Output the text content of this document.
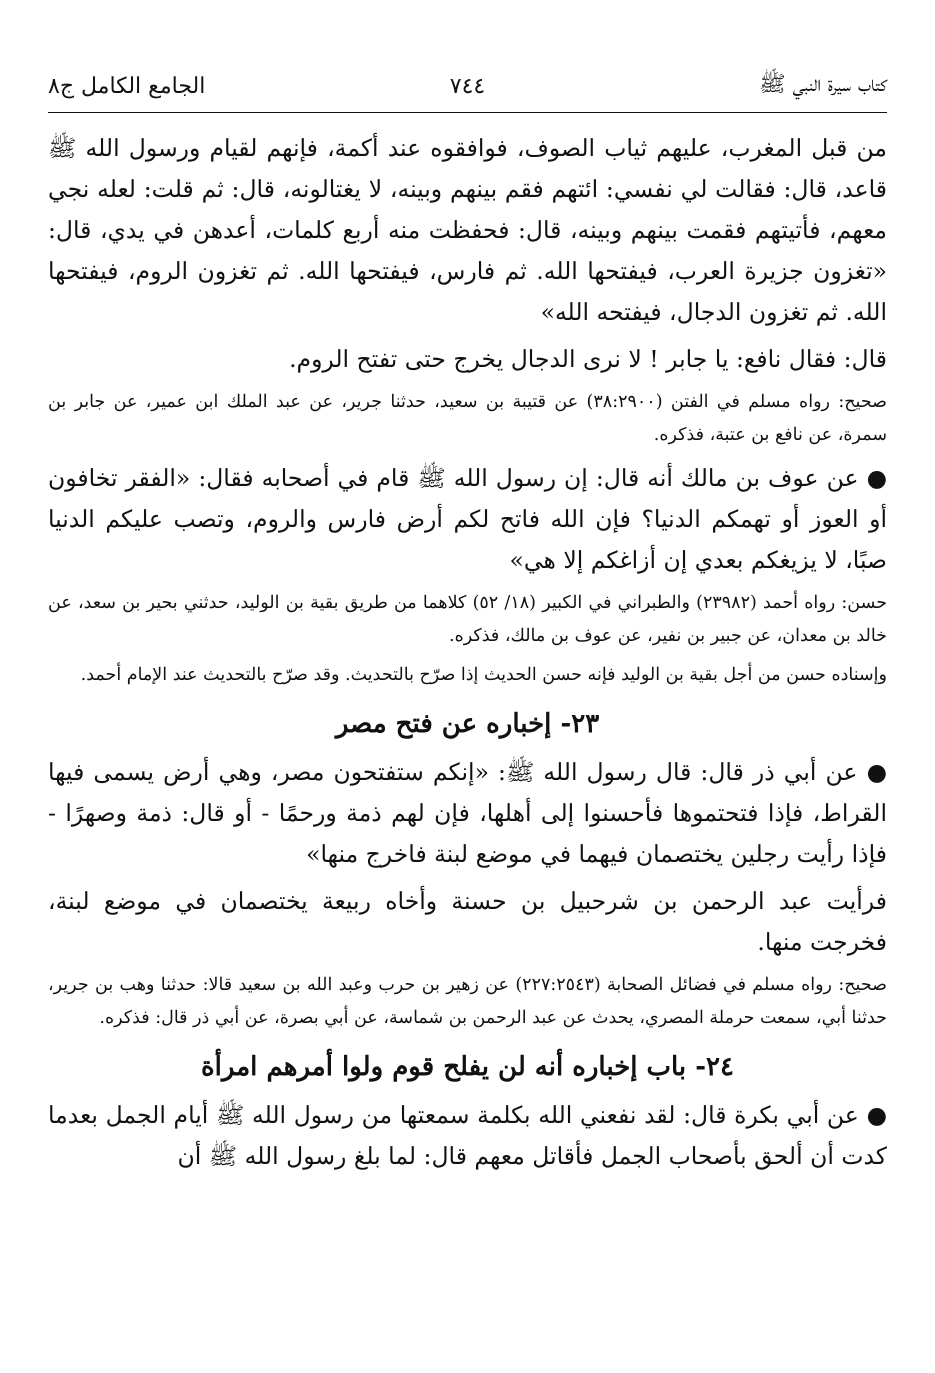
كتاب سيرة النبي ﷺ
٧٤٤
الجامع الكامل ج٨

من قبل المغرب، عليهم ثياب الصوف، فوافقوه عند أكمة، فإنهم لقيام ورسول الله ﷺ قاعد، قال: فقالت لي نفسي: ائتهم فقم بينهم وبينه، لا يغتالونه، قال: ثم قلت: لعله نجي معهم، فأتيتهم فقمت بينهم وبينه، قال: فحفظت منه أربع كلمات، أعدهن في يدي، قال: «تغزون جزيرة العرب، فيفتحها الله. ثم فارس، فيفتحها الله. ثم تغزون الروم، فيفتحها الله. ثم تغزون الدجال، فيفتحه الله»

قال: فقال نافع: يا جابر ! لا نرى الدجال يخرج حتى تفتح الروم.

صحيح: رواه مسلم في الفتن (٣٨:٢٩٠٠) عن قتيبة بن سعيد، حدثنا جرير، عن عبد الملك ابن عمير، عن جابر بن سمرة، عن نافع بن عتبة، فذكره.

● عن عوف بن مالك أنه قال: إن رسول الله ﷺ قام في أصحابه فقال: «الفقر تخافون أو العوز أو تهمكم الدنيا؟ فإن الله فاتح لكم أرض فارس والروم، وتصب عليكم الدنيا صبًا، لا يزيغكم بعدي إن أزاغكم إلا هي»

حسن: رواه أحمد (٢٣٩٨٢) والطبراني في الكبير (١٨/ ٥٢) كلاهما من طريق بقية بن الوليد، حدثني بحير بن سعد، عن خالد بن معدان، عن جبير بن نفير، عن عوف بن مالك، فذكره.

وإسناده حسن من أجل بقية بن الوليد فإنه حسن الحديث إذا صرّح بالتحديث. وقد صرّح بالتحديث عند الإمام أحمد.

٢٣- إخباره عن فتح مصر

● عن أبي ذر قال: قال رسول الله ﷺ: «إنكم ستفتحون مصر، وهي أرض يسمى فيها القراط، فإذا فتحتموها فأحسنوا إلى أهلها، فإن لهم ذمة ورحمًا - أو قال: ذمة وصهرًا - فإذا رأيت رجلين يختصمان فيهما في موضع لبنة فاخرج منها»

فرأيت عبد الرحمن بن شرحبيل بن حسنة وأخاه ربيعة يختصمان في موضع لبنة، فخرجت منها.

صحيح: رواه مسلم في فضائل الصحابة (٢٢٧:٢٥٤٣) عن زهير بن حرب وعبد الله بن سعيد قالا: حدثنا وهب بن جرير، حدثنا أبي، سمعت حرملة المصري، يحدث عن عبد الرحمن بن شماسة، عن أبي بصرة، عن أبي ذر قال: فذكره.

٢٤- باب إخباره أنه لن يفلح قوم ولوا أمرهم امرأة

● عن أبي بكرة قال: لقد نفعني الله بكلمة سمعتها من رسول الله ﷺ أيام الجمل بعدما كدت أن ألحق بأصحاب الجمل فأقاتل معهم قال: لما بلغ رسول الله ﷺ أن
